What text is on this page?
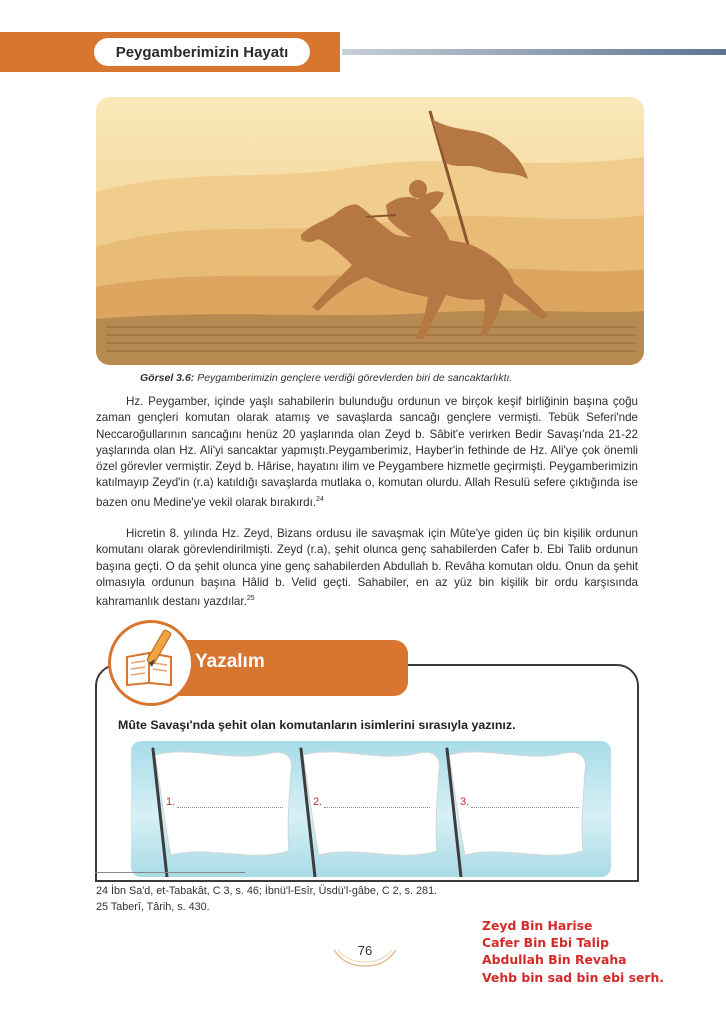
Peygamberimizin Hayatı
Görsel 3.6: Peygamberimizin gençlere verdiği görevlerden biri de sancaktarlıktı.

Hz. Peygamber, içinde yaşlı sahabilerin bulunduğu ordunun ve birçok keşif birliğinin başına çoğu zaman gençleri komutan olarak atamış ve savaşlarda sancağı gençlere vermişti. Tebük Seferi'nde Neccaroğullarının sancağını henüz 20 yaşlarında olan Zeyd b. Sâbit'e verirken Bedir Savaşı'nda 21-22 yaşlarında olan Hz. Ali'yi sancaktar yapmıştı.Peygamberimiz, Hayber'in fethinde de Hz. Ali'ye çok önemli özel görevler vermiştir. Zeyd b. Hârise, hayatını ilim ve Peygambere hizmetle geçirmişti. Peygamberimizin katılmayıp Zeyd'in (r.a) katıldığı savaşlarda mutlaka o, komutan olurdu. Allah Resulü sefere çıktığında ise bazen onu Medine'ye vekil olarak bırakırdı.$^{24}$

Hicretin 8. yılında Hz. Zeyd, Bizans ordusu ile savaşmak için Mûte'ye giden üç bin kişilik ordunun komutanı olarak görevlendirilmişti. Zeyd (r.a), şehit olunca genç sahabilerden Cafer b. Ebi Talib ordunun başına geçti. O da şehit olunca yine genç sahabilerden Abdullah b. Revâha komutan oldu. Onun da şehit olmasıyla ordunun başına Hâlid b. Velid geçti. Sahabiler, en az yüz bin kişilik bir ordu karşısında kahramanlık destanı yazdılar.$^{25}$

Yazalım
Mûte Savaşı'nda şehit olan komutanların isimlerini sırasıyla yazınız.
1.	2.	3.
24 İbn Sa'd, et-Tabakât, C 3, s. 46; İbnü'l-Esîr, Üsdü'l-gâbe, C 2, s. 281.
25 Taberî, Târih, s. 430.
76
Zeyd Bin Harise
Cafer Bin Ebi Talip
Abdullah Bin Revaha
Vehb bin sad bin ebi serh.
